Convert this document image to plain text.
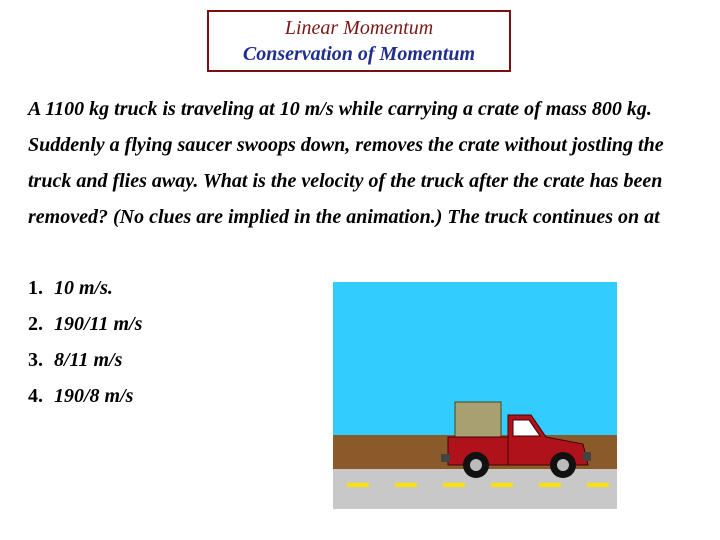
Linear Momentum
Conservation of Momentum
A 1100 kg truck is traveling at 10 m/s while carrying a crate of mass 800 kg. Suddenly a flying saucer swoops down, removes the crate without jostling the truck and flies away. What is the velocity of the truck after the crate has been removed? (No clues are implied in the animation.) The truck continues on at
1. 10 m/s.
2. 190/11 m/s
3. 8/11 m/s
4. 190/8 m/s
